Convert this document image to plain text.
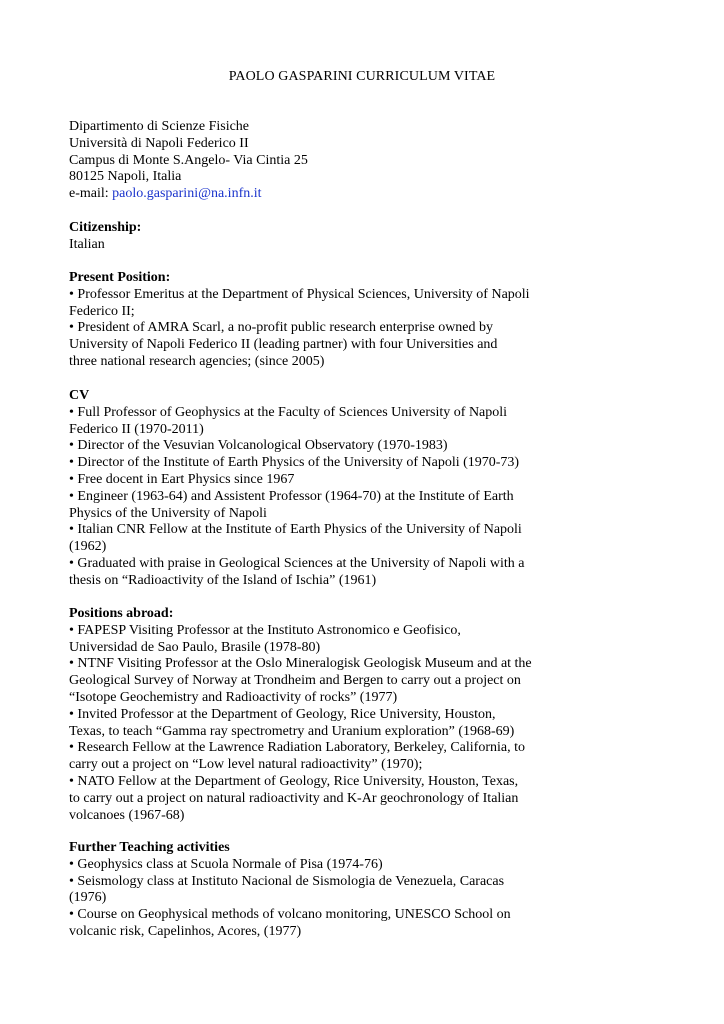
PAOLO GASPARINI CURRICULUM VITAE
Dipartimento di Scienze Fisiche
Università di Napoli Federico II
Campus di Monte S.Angelo- Via Cintia 25
80125 Napoli, Italia
e-mail: paolo.gasparini@na.infn.it
Citizenship:
Italian
Present Position:
• Professor Emeritus at the Department of Physical Sciences, University of Napoli
Federico II;
• President of AMRA Scarl, a no-profit public research enterprise owned by
University of Napoli Federico II (leading partner) with four Universities and
three national research agencies; (since 2005)
CV
• Full Professor of Geophysics at the Faculty of Sciences University of Napoli
Federico II (1970-2011)
• Director of the Vesuvian Volcanological Observatory (1970-1983)
• Director of the Institute of Earth Physics of the University of Napoli (1970-73)
• Free docent in Eart Physics since 1967
• Engineer (1963-64) and Assistent Professor (1964-70) at the Institute of Earth
Physics of the University of Napoli
• Italian CNR Fellow at the Institute of Earth Physics of the University of Napoli
(1962)
• Graduated with praise in Geological Sciences at the University of Napoli with a
thesis on “Radioactivity of the Island of Ischia” (1961)
Positions abroad:
• FAPESP Visiting Professor at the Instituto Astronomico e Geofisico,
Universidad de Sao Paulo, Brasile (1978-80)
• NTNF Visiting Professor at the Oslo Mineralogisk Geologisk Museum and at the
Geological Survey of Norway at Trondheim and Bergen to carry out a project on
“Isotope Geochemistry and Radioactivity of rocks” (1977)
• Invited Professor at the Department of Geology, Rice University, Houston,
Texas, to teach “Gamma ray spectrometry and Uranium exploration” (1968-69)
• Research Fellow at the Lawrence Radiation Laboratory, Berkeley, California, to
carry out a project on “Low level natural radioactivity” (1970);
• NATO Fellow at the Department of Geology, Rice University, Houston, Texas,
to carry out a project on natural radioactivity and K-Ar geochronology of Italian
volcanoes (1967-68)
Further Teaching activities
• Geophysics class at Scuola Normale of Pisa (1974-76)
• Seismology class at Instituto Nacional de Sismologia de Venezuela, Caracas
(1976)
• Course on Geophysical methods of volcano monitoring, UNESCO School on
volcanic risk, Capelinhos, Acores, (1977)
